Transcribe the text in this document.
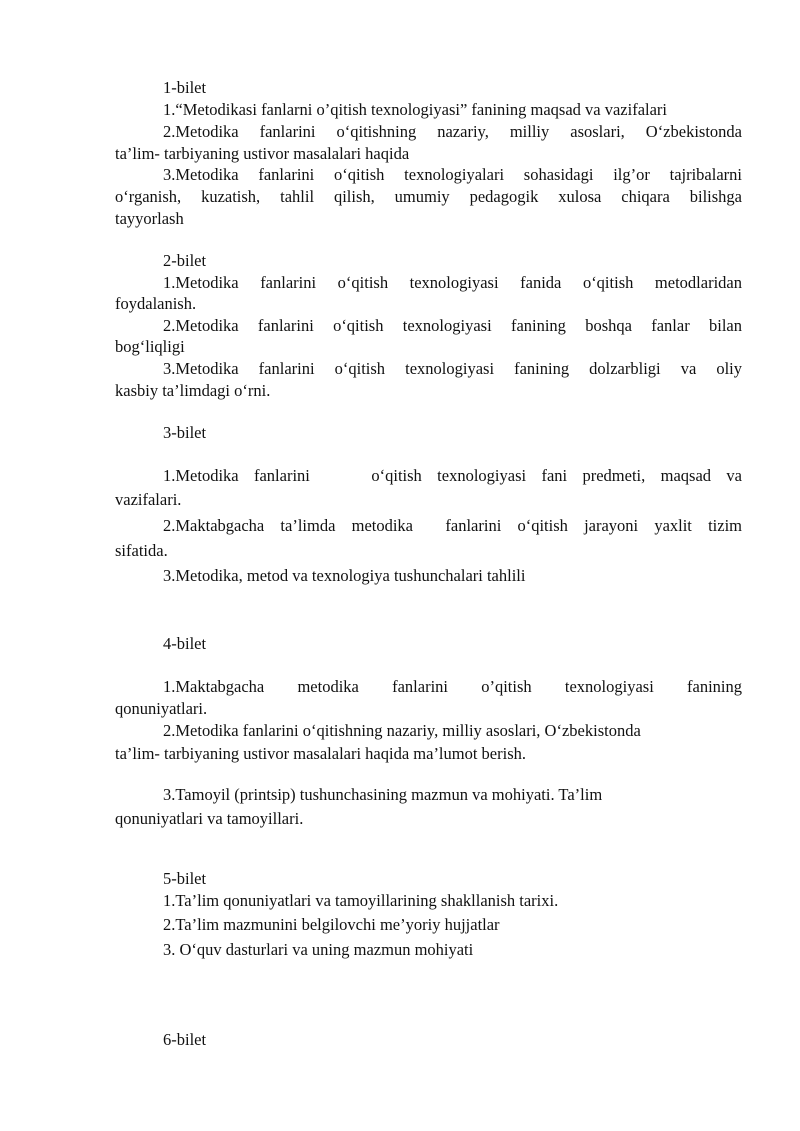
1-bilet

1.“Metodikasi fanlarni o’qitish texnologiyasi” fanining maqsad va vazifalari

2.Metodika fanlarini o‘qitishning nazariy, milliy asoslari, O‘zbekistonda

ta’lim- tarbiyaning ustivor masalalari haqida

3.Metodika fanlarini o‘qitish texnologiyalari sohasidagi ilg’or tajribalarni

o‘rganish, kuzatish, tahlil qilish, umumiy pedagogik xulosa chiqara bilishga

tayyorlash

2-bilet

1.Metodika fanlarini o‘qitish texnologiyasi fanida o‘qitish metodlaridan

foydalanish.

2.Metodika fanlarini o‘qitish texnologiyasi fanining boshqa fanlar bilan

bog‘liqligi

3.Metodika fanlarini o‘qitish texnologiyasi fanining dolzarbligi va oliy

kasbiy ta’limdagi o‘rni.

3-bilet

1.Metodika fanlarini    o‘qitish texnologiyasi fani predmeti, maqsad va

vazifalari.

2.Maktabgacha ta’limda metodika  fanlarini o‘qitish jarayoni yaxlit tizim

sifatida.

3.Metodika, metod va texnologiya tushunchalari tahlili

4-bilet

1.Maktabgacha metodika fanlarini o’qitish texnologiyasi fanining

qonuniyatlari.

2.Metodika fanlarini o‘qitishning nazariy, milliy asoslari, O‘zbekistonda

ta’lim- tarbiyaning ustivor masalalari haqida ma’lumot berish.

3.Tamoyil (printsip) tushunchasining mazmun va mohiyati. Ta’lim

qonuniyatlari va tamoyillari.

5-bilet

1.Ta’lim qonuniyatlari va tamoyillarining shakllanish tarixi.

2.Ta’lim mazmunini belgilovchi me’yoriy hujjatlar

3. O‘quv dasturlari va uning mazmun mohiyati

6-bilet
